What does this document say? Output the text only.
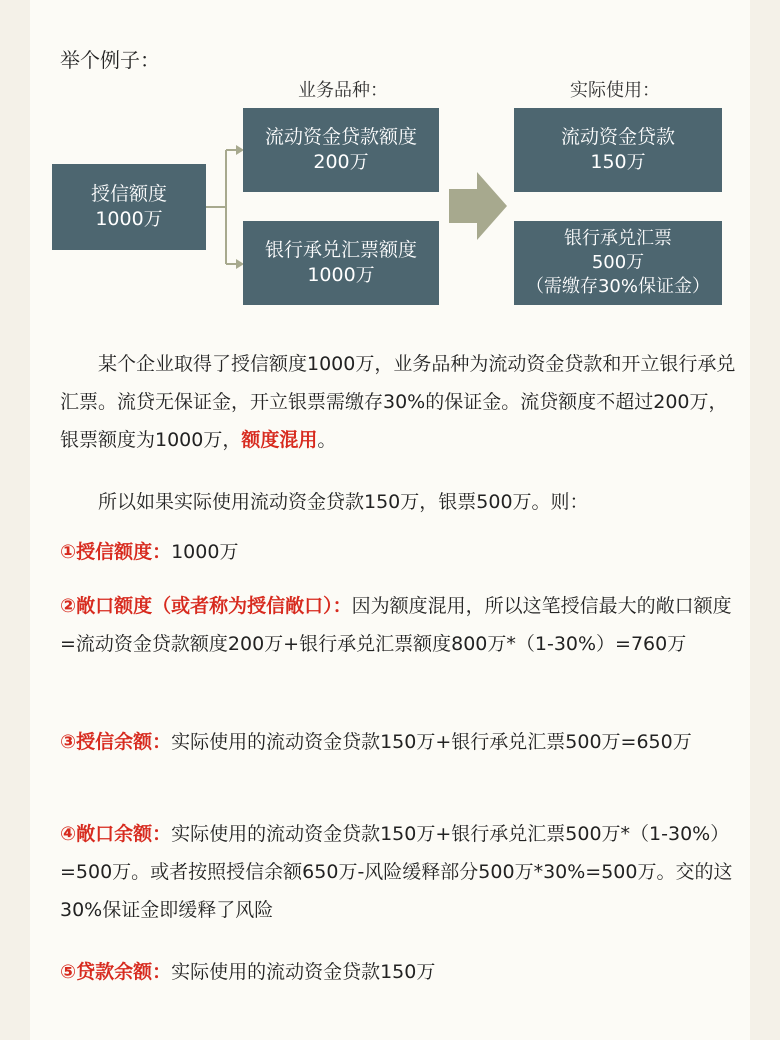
举个例子：
业务品种：	实际使用：
授信额度
1000万
流动资金贷款额度
200万
银行承兑汇票额度
1000万
流动资金贷款
150万
银行承兑汇票
500万
（需缴存30%保证金）

某个企业取得了授信额度1000万，业务品种为流动资金贷款和开立银行承兑汇票。流贷无保证金，开立银票需缴存30%的保证金。流贷额度不超过200万，银票额度为1000万，额度混用。

所以如果实际使用流动资金贷款150万，银票500万。则：

①授信额度：1000万

②敞口额度（或者称为授信敞口）：因为额度混用，所以这笔授信最大的敞口额度=流动资金贷款额度200万+银行承兑汇票额度800万*（1-30%）=760万

③授信余额：实际使用的流动资金贷款150万+银行承兑汇票500万=650万

④敞口余额：实际使用的流动资金贷款150万+银行承兑汇票500万*（1-30%）=500万。或者按照授信余额650万-风险缓释部分500万*30%=500万。交的这30%保证金即缓释了风险

⑤贷款余额：实际使用的流动资金贷款150万
